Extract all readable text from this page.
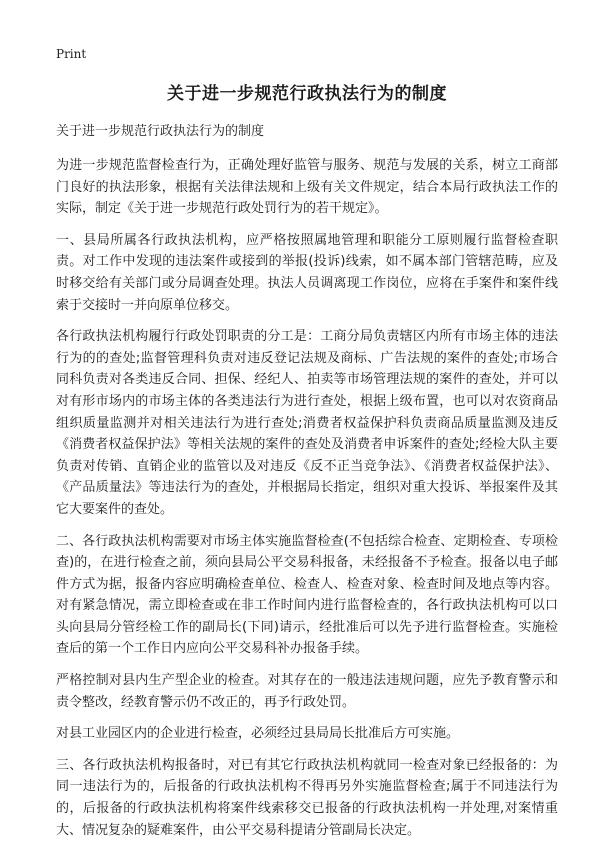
Print
关于进一步规范行政执法行为的制度
关于进一步规范行政执法行为的制度
为进一步规范监督检查行为，正确处理好监管与服务、规范与发展的关系，树立工商部门良好的执法形象，根据有关法律法规和上级有关文件规定，结合本局行政执法工作的实际，制定《关于进一步规范行政处罚行为的若干规定》。
一、县局所属各行政执法机构，应严格按照属地管理和职能分工原则履行监督检查职责。对工作中发现的违法案件或接到的举报(投诉)线索，如不属本部门管辖范畴，应及时移交给有关部门或分局调查处理。执法人员调离现工作岗位，应将在手案件和案件线索于交接时一并向原单位移交。
各行政执法机构履行行政处罚职责的分工是：工商分局负责辖区内所有市场主体的违法行为的的查处;监督管理科负责对违反登记法规及商标、广告法规的案件的查处;市场合同科负责对各类违反合同、担保、经纪人、拍卖等市场管理法规的案件的查处，并可以对有形市场内的市场主体的各类违法行为进行查处，根据上级布置，也可以对农资商品组织质量监测并对相关违法行为进行查处;消费者权益保护科负责商品质量监测及违反《消费者权益保护法》等相关法规的案件的查处及消费者申诉案件的查处;经检大队主要负责对传销、直销企业的监管以及对违反《反不正当竞争法》、《消费者权益保护法》、《产品质量法》等违法行为的查处，并根据局长指定，组织对重大投诉、举报案件及其它大要案件的查处。
二、各行政执法机构需要对市场主体实施监督检查(不包括综合检查、定期检查、专项检查)的，在进行检查之前，须向县局公平交易科报备，未经报备不予检查。报备以电子邮件方式为据，报备内容应明确检查单位、检查人、检查对象、检查时间及地点等内容。对有紧急情况，需立即检查或在非工作时间内进行监督检查的，各行政执法机构可以口头向县局分管经检工作的副局长(下同)请示，经批准后可以先予进行监督检查。实施检查后的第一个工作日内应向公平交易科补办报备手续。
严格控制对县内生产型企业的检查。对其存在的一般违法违规问题，应先予教育警示和责令整改，经教育警示仍不改正的，再予行政处罚。
对县工业园区内的企业进行检查，必须经过县局局长批准后方可实施。
三、各行政执法机构报备时，对已有其它行政执法机构就同一检查对象已经报备的：为同一违法行为的，后报备的行政执法机构不得再另外实施监督检查;属于不同违法行为的，后报备的行政执法机构将案件线索移交已报备的行政执法机构一并处理,对案情重大、情况复杂的疑难案件，由公平交易科提请分管副局长决定。
